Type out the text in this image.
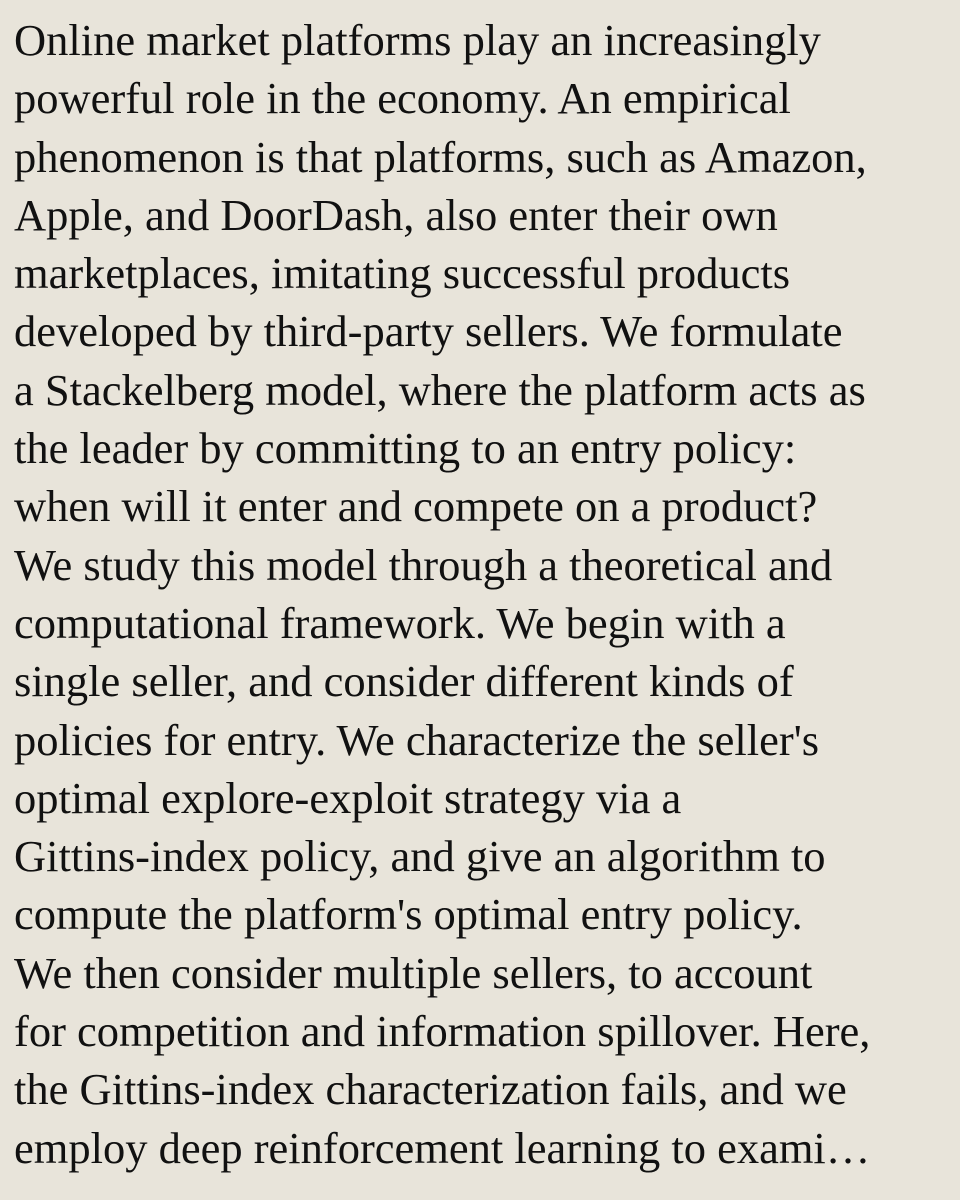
Online market platforms play an increasingly
powerful role in the economy. An empirical
phenomenon is that platforms, such as Amazon,
Apple, and DoorDash, also enter their own
marketplaces, imitating successful products
developed by third-party sellers. We formulate
a Stackelberg model, where the platform acts as
the leader by committing to an entry policy:
when will it enter and compete on a product?
We study this model through a theoretical and
computational framework. We begin with a
single seller, and consider different kinds of
policies for entry. We characterize the seller's
optimal explore-exploit strategy via a
Gittins-index policy, and give an algorithm to
compute the platform's optimal entry policy.
We then consider multiple sellers, to account
for competition and information spillover. Here,
the Gittins-index characterization fails, and we
employ deep reinforcement learning to exami…
